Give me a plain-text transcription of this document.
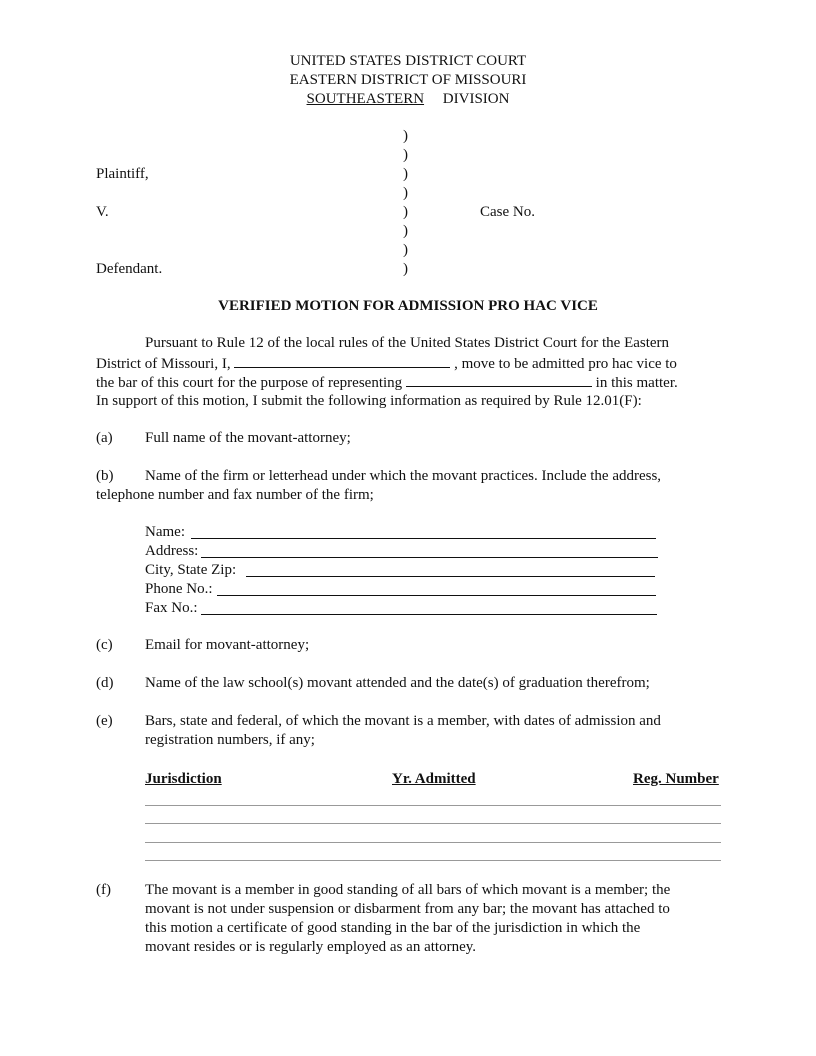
UNITED STATES DISTRICT COURT
EASTERN DISTRICT OF MISSOURI
SOUTHEASTERN DIVISION
)
)
)
)
)
)
)
)
Plaintiff,
V.	Case No.
Defendant.
VERIFIED MOTION FOR ADMISSION PRO HAC VICE
Pursuant to Rule 12 of the local rules of the United States District Court for the Eastern
District of Missouri, I,	, move to be admitted pro hac vice to
the bar of this court for the purpose of representing	in this matter.
In support of this motion, I submit the following information as required by Rule 12.01(F):
(a) Full name of the movant-attorney;
(b) Name of the firm or letterhead under which the movant practices. Include the address,
telephone number and fax number of the firm;
Name:
Address:
City, State Zip:
Phone No.:
Fax No.:
(c) Email for movant-attorney;
(d) Name of the law school(s) movant attended and the date(s) of graduation therefrom;
(e) Bars, state and federal, of which the movant is a member, with dates of admission and
registration numbers, if any;
Jurisdiction	Yr. Admitted	Reg. Number
(f) The movant is a member in good standing of all bars of which movant is a member; the
movant is not under suspension or disbarment from any bar; the movant has attached to
this motion a certificate of good standing in the bar of the jurisdiction in which the
movant resides or is regularly employed as an attorney.
